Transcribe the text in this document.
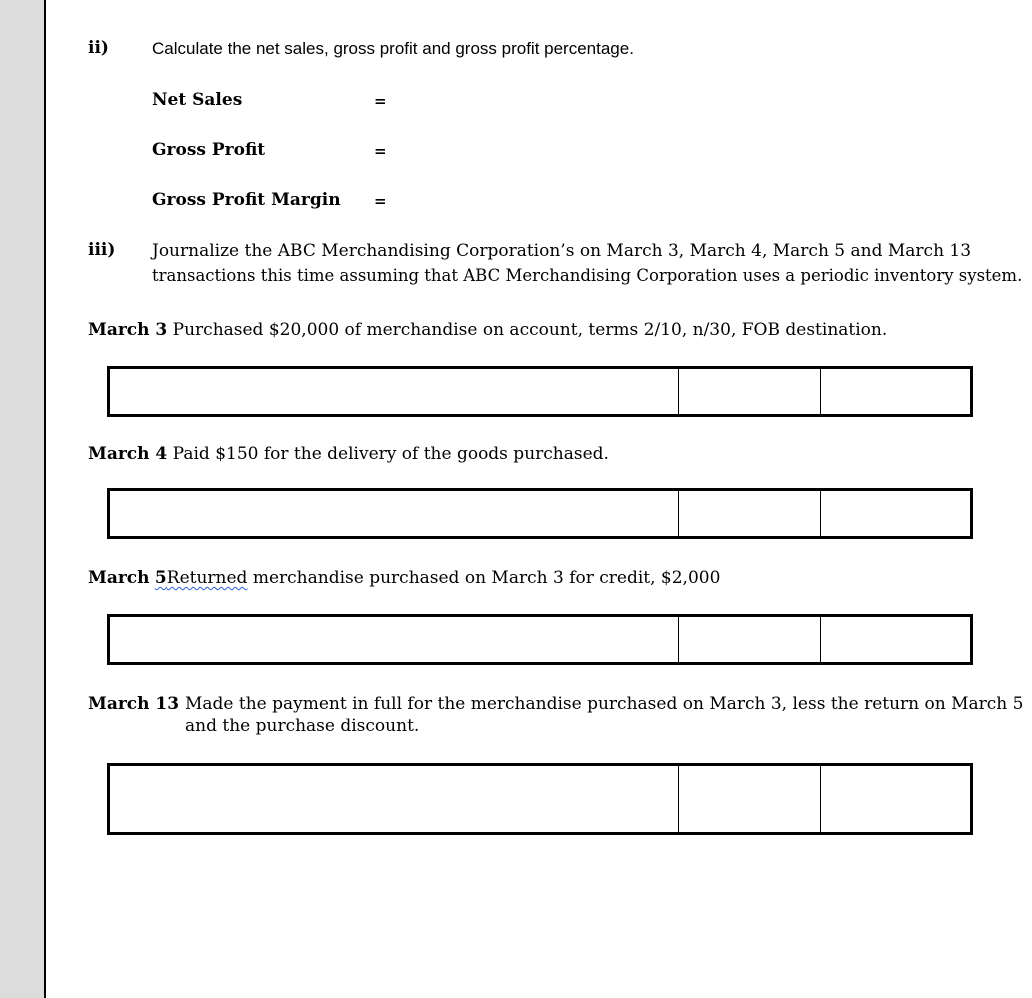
ii)	Calculate the net sales, gross profit and gross profit percentage.
Net Sales	=
Gross Profit	=
Gross Profit Margin =
iii) Journalize the ABC Merchandising Corporation’s on March 3, March 4, March 5 and March 13
transactions this time assuming that ABC Merchandising Corporation uses a periodic inventory system.
March 3 Purchased $20,000 of merchandise on account, terms 2/10, n/30, FOB destination.
March 4 Paid $150 for the delivery of the goods purchased.
March 5Returned merchandise purchased on March 3 for credit, $2,000
March 13 Made the payment in full for the merchandise purchased on March 3, less the return on March 5
and the purchase discount.
